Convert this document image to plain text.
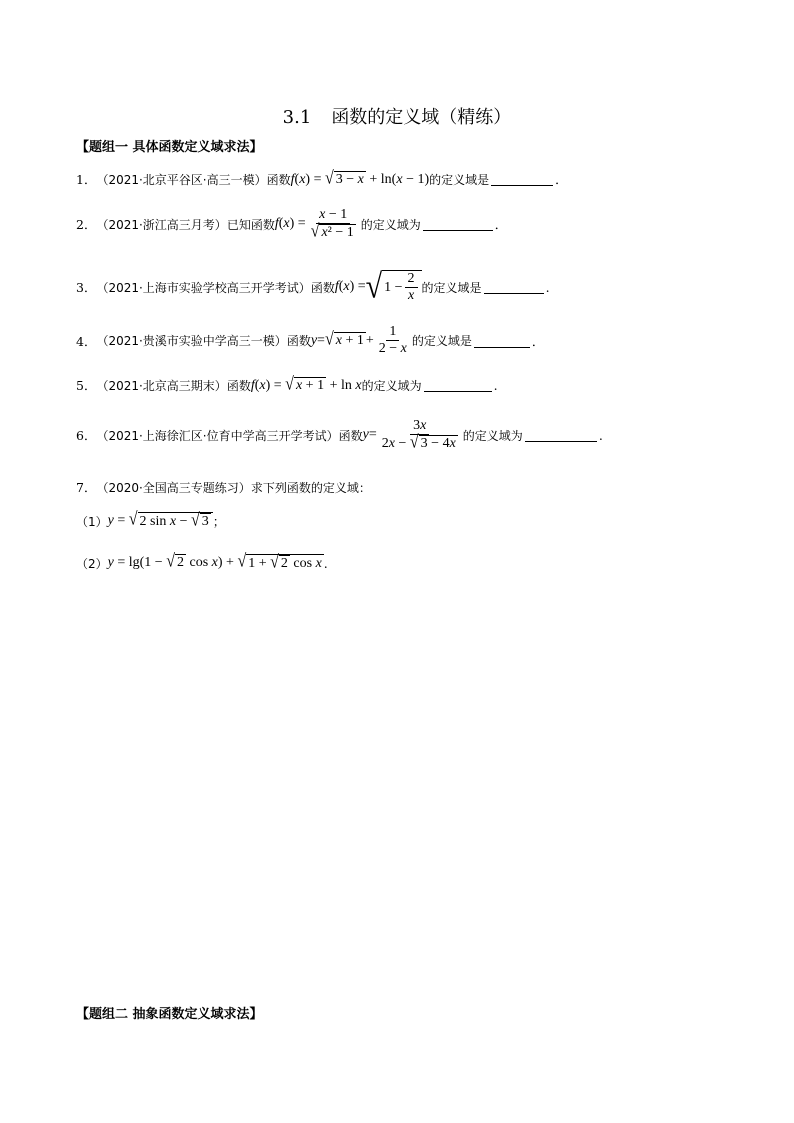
3.1 函数的定义域（精练）
【题组一 具体函数定义域求法】
1． （2021·北京平谷区·高三一模） 函数 f(x) = √ 3 − x + ln(x − 1) 的定义域是	．
2． （2021·浙江高三月考） 已知函数 f ( x ) = $\frac{x - 1}{\text{√ x² − 1}}$ 的定义域为	．
3． （2021·上海市实验学校高三开学考试） 函数 f ( x ) = √ $1 - \frac{2}{x}$ 的定义域是	.
4． （2021·贵溪市实验中学高三一模） 函数 y = √ $x + 1 + \frac{1}{2 - x}$ 的定义域是	．
5． （2021·北京高三期末） 函数 f(x) = √ x + 1 + ln x 的定义域为	.
6． （2021·上海徐汇区·位育中学高三开学考试） 函数 $y = \frac{3x}{2x - √ 3 - 4x}$ 的定义域为	.
7． （2020·全国高三专题练习） 求下列函数的定义域：
（1） y = √ 2 sin x − √ 3 ；
（2） y = lg(1 − √ 2 cos x) + √ 1 + √ 2 cos x .
【题组二 抽象函数定义域求法】
